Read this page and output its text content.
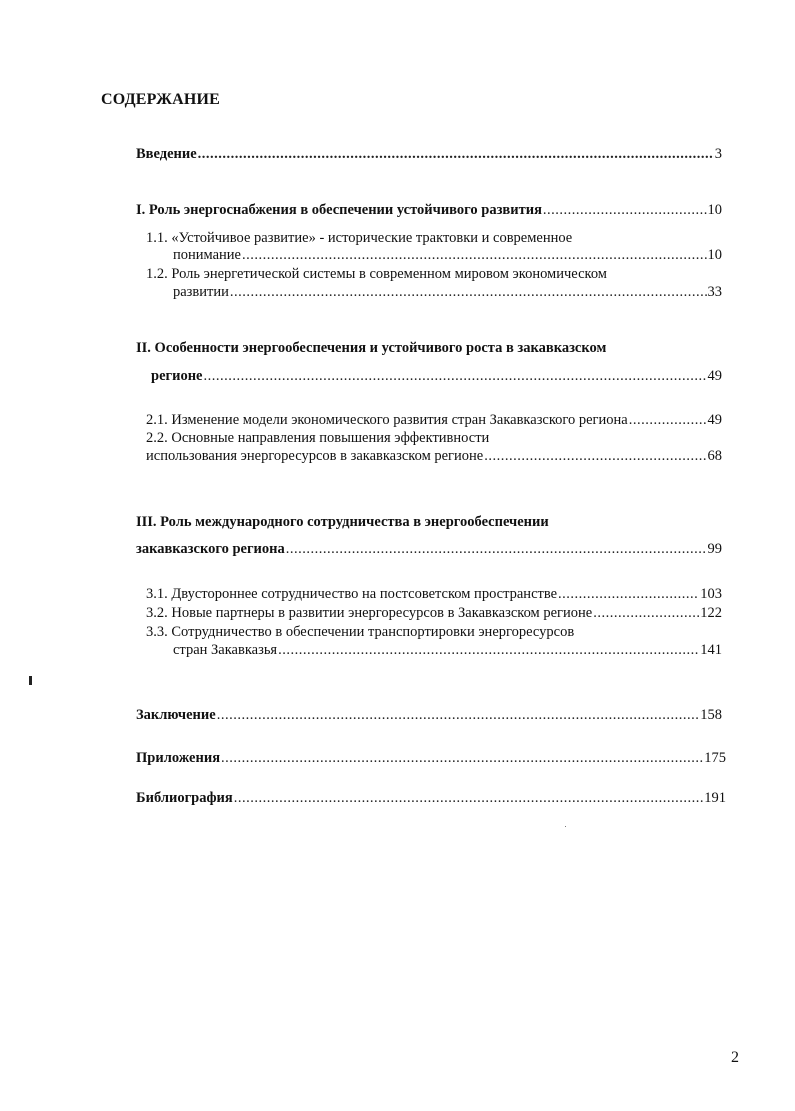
СОДЕРЖАНИЕ
Введение .....	3
I. Роль энергоснабжения в обеспечении устойчивого развития .....	10
1.1. «Устойчивое развитие» - исторические трактовки и современное
понимание .....	10
1.2. Роль энергетической системы в современном мировом экономическом
развитии .....	33
II. Особенности энергообеспечения и устойчивого роста в закавказском
регионе .....	49
2.1. Изменение модели экономического развития стран Закавказского региона .....	49
2.2. Основные направления повышения эффективности
использования энергоресурсов в закавказском регионе .....	68
III. Роль международного сотрудничества в энергообеспечении
закавказского региона .....	99
3.1. Двустороннее сотрудничество на постсоветском пространстве .....	103
3.2. Новые партнеры в развитии энергоресурсов в Закавказском регионе .....	122
3.3. Сотрудничество в обеспечении транспортировки энергоресурсов
стран Закавказья .....	141
Заключение .....	158
Приложения .....	175
Библиография .....	191
2
